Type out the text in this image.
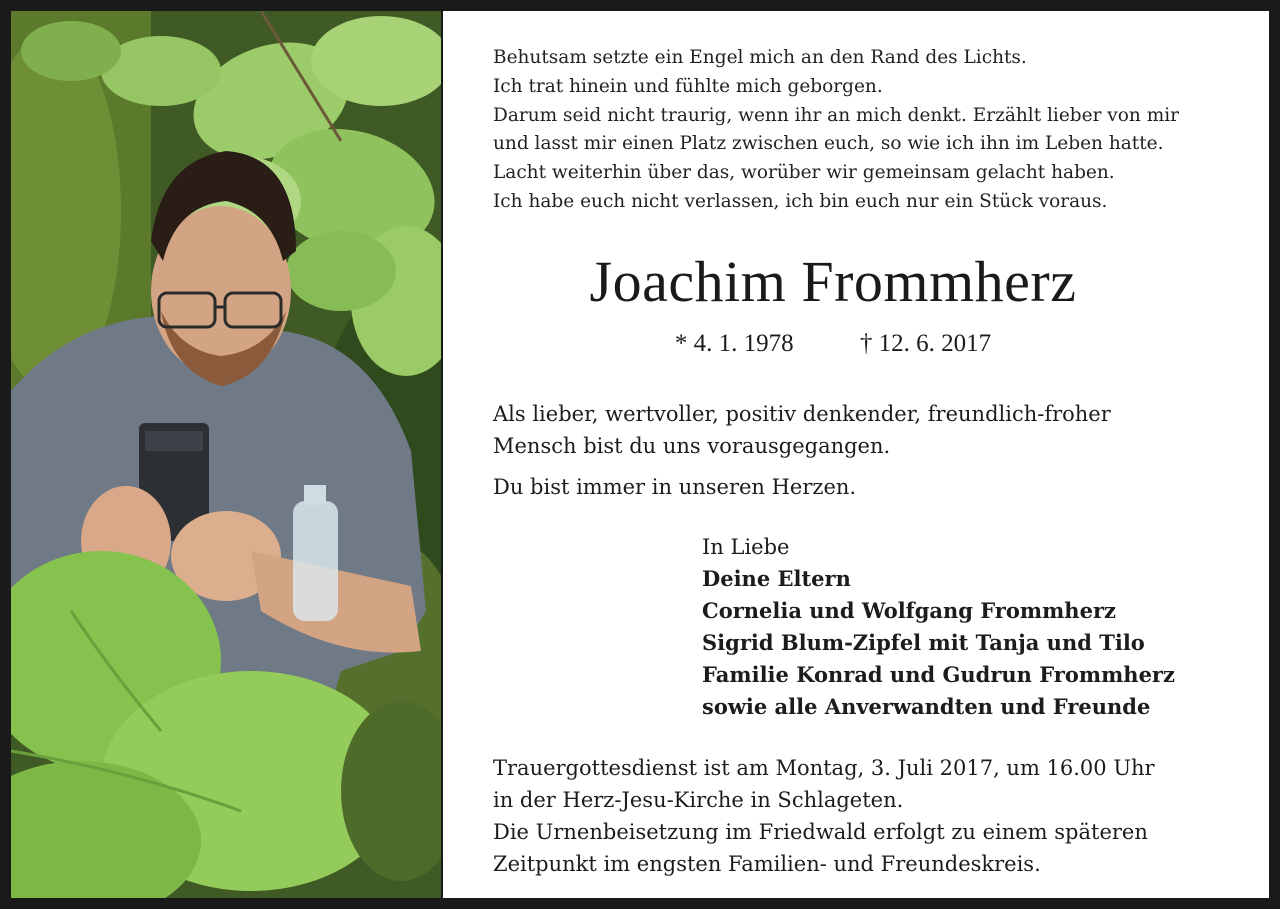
Behutsam setzte ein Engel mich an den Rand des Lichts.
Ich trat hinein und fühlte mich geborgen.
Darum seid nicht traurig, wenn ihr an mich denkt. Erzählt lieber von mir
und lasst mir einen Platz zwischen euch, so wie ich ihn im Leben hatte.
Lacht weiterhin über das, worüber wir gemeinsam gelacht haben.
Ich habe euch nicht verlassen, ich bin euch nur ein Stück voraus.
Joachim Frommherz
* 4. 1. 1978	† 12. 6. 2017
Als lieber, wertvoller, positiv denkender, freundlich-froher
Mensch bist du uns vorausgegangen.
Du bist immer in unseren Herzen.
In Liebe
Deine Eltern
Cornelia und Wolfgang Frommherz
Sigrid Blum-Zipfel mit Tanja und Tilo
Familie Konrad und Gudrun Frommherz
sowie alle Anverwandten und Freunde
Trauergottesdienst ist am Montag, 3. Juli 2017, um 16.00 Uhr
in der Herz-Jesu-Kirche in Schlageten.
Die Urnenbeisetzung im Friedwald erfolgt zu einem späteren
Zeitpunkt im engsten Familien- und Freundeskreis.
